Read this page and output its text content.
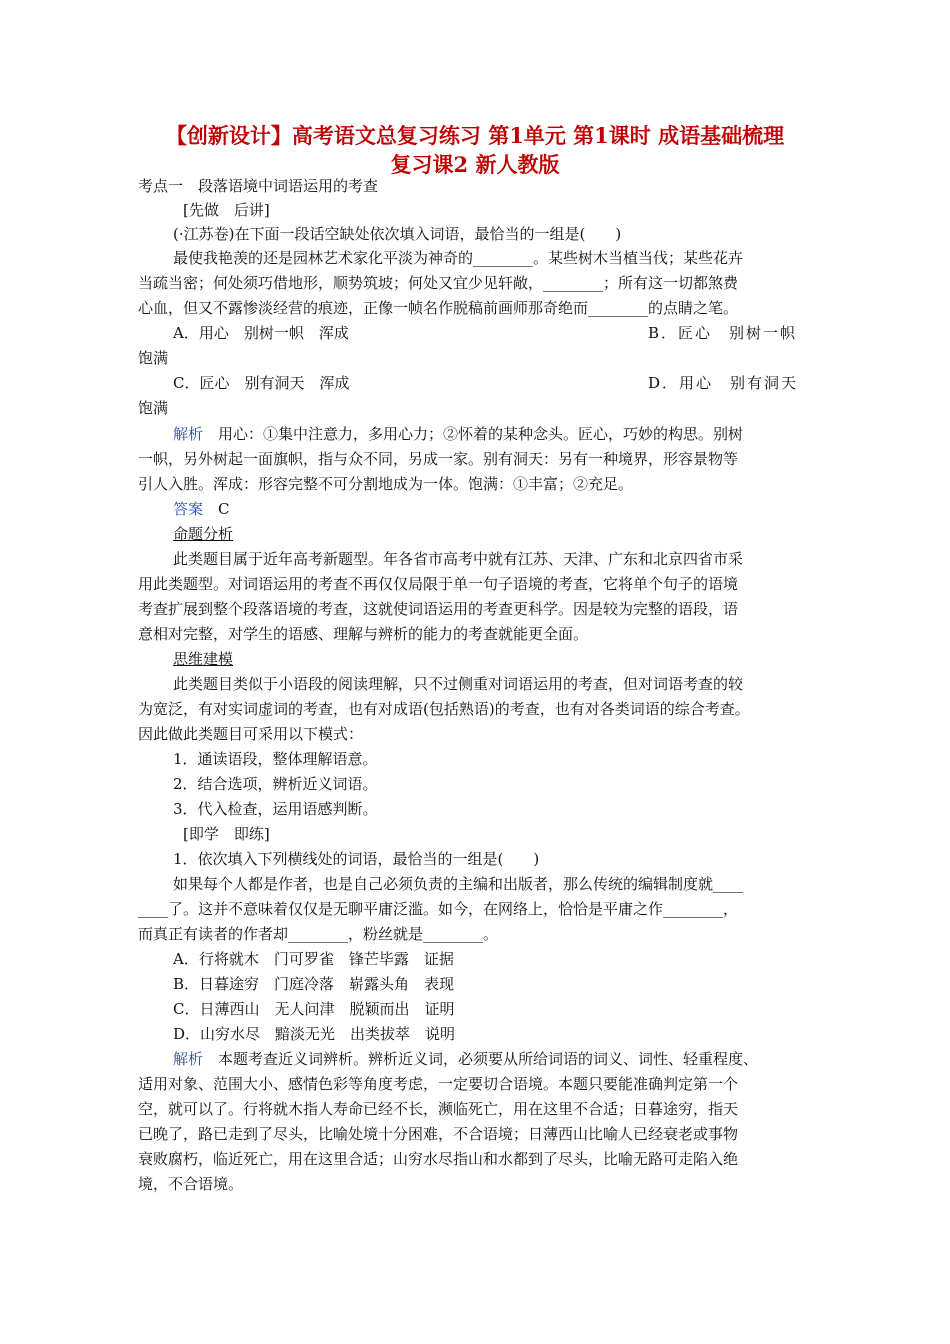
【创新设计】高考语文总复习练习 第1单元 第1课时 成语基础梳理
复习课2 新人教版
考点一　段落语境中词语运用的考查
[先做　后讲]
(·江苏卷)在下面一段话空缺处依次填入词语，最恰当的一组是(　　)
最使我艳羡的还是园林艺术家化平淡为神奇的________。某些树木当植当伐；某些花卉
当疏当密；何处须巧借地形，顺势筑坡；何处又宜少见轩敞，________；所有这一切都煞费
心血，但又不露惨淡经营的痕迹，正像一帧名作脱稿前画师那奇绝而________的点睛之笔。
A．用心　别树一帜　浑成	B．匠心　别树一帜
饱满
C．匠心　别有洞天　浑成	D．用心　别有洞天
饱满
解析　用心：①集中注意力，多用心力；②怀着的某种念头。匠心，巧妙的构思。别树
一帜，另外树起一面旗帜，指与众不同，另成一家。别有洞天：另有一种境界，形容景物等
引人入胜。浑成：形容完整不可分割地成为一体。饱满：①丰富；②充足。
答案　C
命题分析
此类题目属于近年高考新题型。年各省市高考中就有江苏、天津、广东和北京四省市采
用此类题型。对词语运用的考查不再仅仅局限于单一句子语境的考查，它将单个句子的语境
考查扩展到整个段落语境的考查，这就使词语运用的考查更科学。因是较为完整的语段，语
意相对完整，对学生的语感、理解与辨析的能力的考查就能更全面。
思维建模
此类题目类似于小语段的阅读理解，只不过侧重对词语运用的考查，但对词语考查的较
为宽泛，有对实词虚词的考查，也有对成语(包括熟语)的考查，也有对各类词语的综合考查。
因此做此类题目可采用以下模式：
1．通读语段，整体理解语意。
2．结合选项，辨析近义词语。
3．代入检查，运用语感判断。
[即学　即练]
1．依次填入下列横线处的词语，最恰当的一组是(　　)
如果每个人都是作者，也是自己必须负责的主编和出版者，那么传统的编辑制度就____
____了。这并不意味着仅仅是无聊平庸泛滥。如今，在网络上，恰恰是平庸之作________，
而真正有读者的作者却________，粉丝就是________。
A．行将就木　门可罗雀　锋芒毕露　证据
B．日暮途穷　门庭冷落　崭露头角　表现
C．日薄西山　无人问津　脱颖而出　证明
D．山穷水尽　黯淡无光　出类拔萃　说明
解析　本题考查近义词辨析。辨析近义词，必须要从所给词语的词义、词性、轻重程度、
适用对象、范围大小、感情色彩等角度考虑，一定要切合语境。本题只要能准确判定第一个
空，就可以了。行将就木指人寿命已经不长，濒临死亡，用在这里不合适；日暮途穷，指天
已晚了，路已走到了尽头，比喻处境十分困难，不合语境；日薄西山比喻人已经衰老或事物
衰败腐朽，临近死亡，用在这里合适；山穷水尽指山和水都到了尽头，比喻无路可走陷入绝
境，不合语境。
